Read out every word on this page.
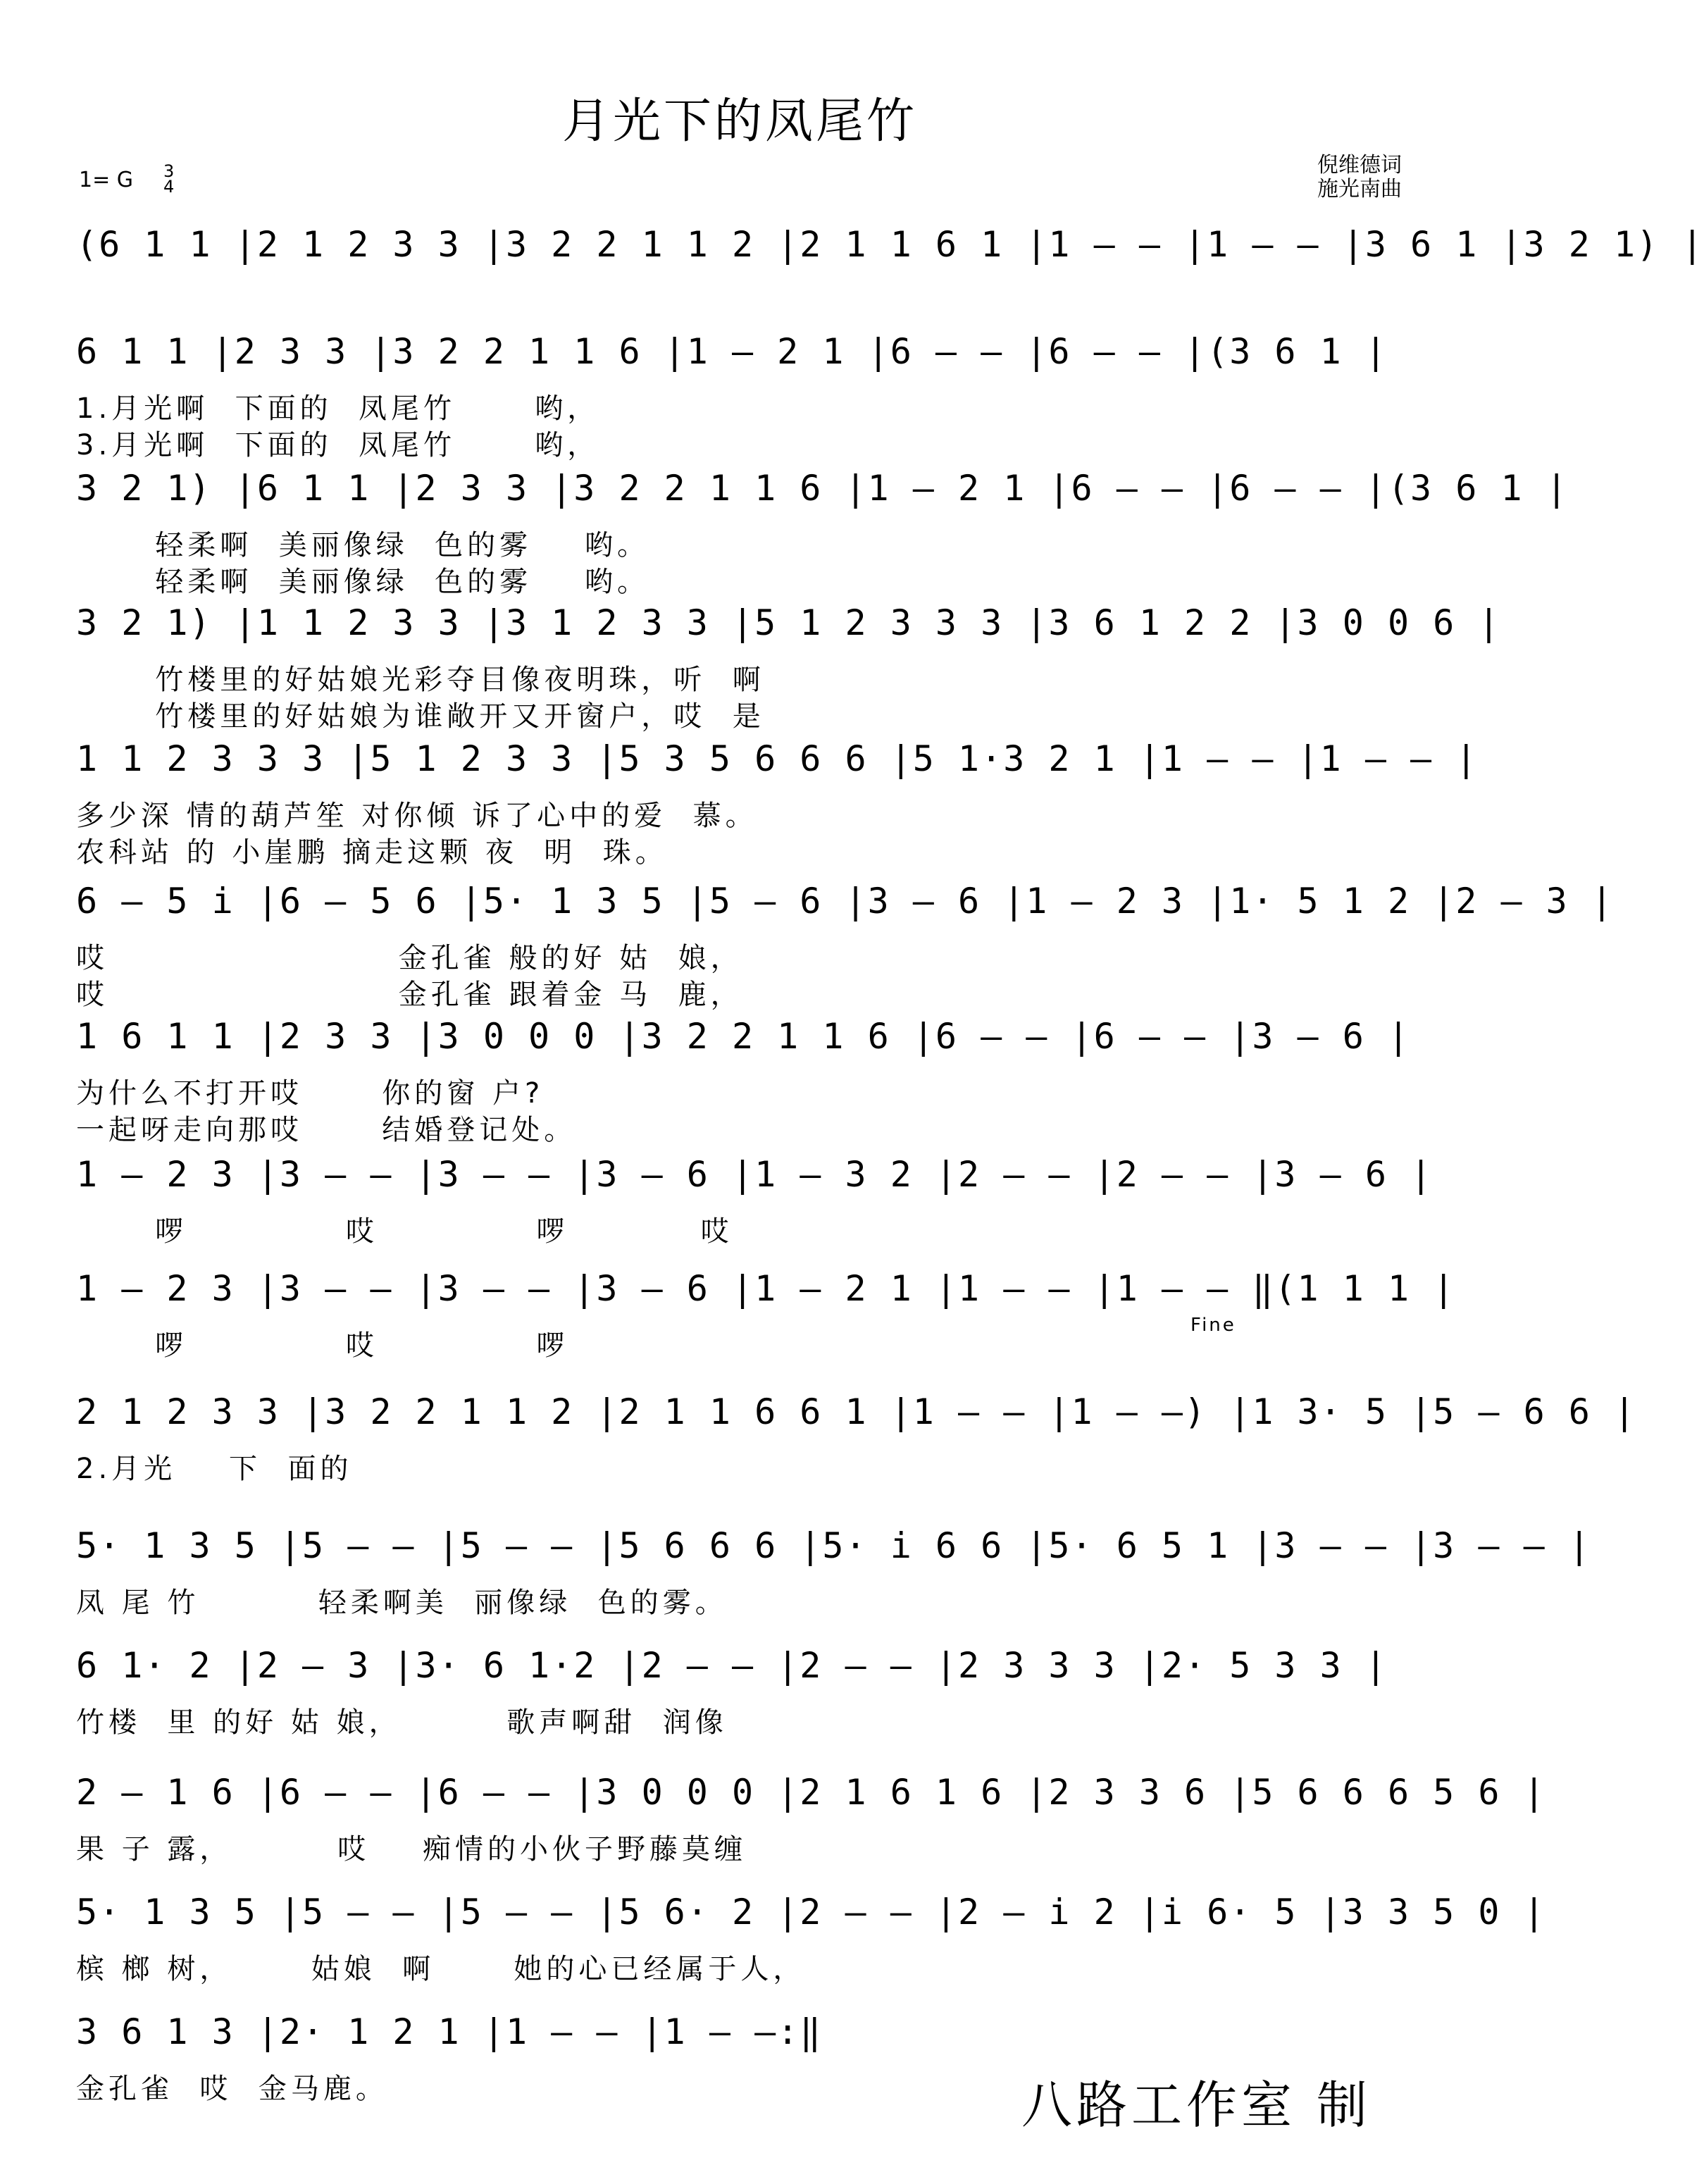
月光下的凤尾竹
1= G 3
4
倪维德词
施光南曲
(6 1 1 |2 1 2 3 3 |3 2 2 1 1 2 |2 1 1 6 1 |1 — — |1 — — |3 6 1 |3 2 1) |
6 1 1 |2 3 3 |3 2 2 1 1 6 |1 — 2 1 |6 — — |6 — — |(3 6 1 |
1.月光啊  下面的  凤尾竹      哟，
3.月光啊  下面的  凤尾竹      哟，
3 2 1) |6 1 1 |2 3 3 |3 2 2 1 1 6 |1 — 2 1 |6 — — |6 — — |(3 6 1 |
轻柔啊  美丽像绿  色的雾    哟。
轻柔啊  美丽像绿  色的雾    哟。
3 2 1) |1 1 2 3 3 |3 1 2 3 3 |5 1 2 3 3 3 |3 6 1 2 2 |3 0 0 6 |
竹楼里的好姑娘光彩夺目像夜明珠，听  啊
竹楼里的好姑娘为谁敞开又开窗户，哎  是
1 1 2 3 3 3 |5 1 2 3 3 |5 3 5 6 6 6 |5 1·3 2 1 |1 — — |1 — — |
多少深 情的葫芦笙 对你倾 诉了心中的爱  慕。
农科站 的 小崖鹏 摘走这颗 夜  明  珠。
6 — 5 i |6 — 5 6 |5· 1 3 5 |5 — 6 |3 — 6 |1 — 2 3 |1· 5 1 2 |2 — 3 |
哎                      金孔雀 般的好 姑  娘，
哎                      金孔雀 跟着金 马  鹿，
1 6 1 1 |2 3 3 |3 0 0 0 |3 2 2 1 1 6 |6 — — |6 — — |3 — 6 |
为什么不打开哎      你的窗 户?
一起呀走向那哎      结婚登记处。
1 — 2 3 |3 — — |3 — — |3 — 6 |1 — 3 2 |2 — — |2 — — |3 — 6 |
啰            哎            啰          哎
1 — 2 3 |3 — — |3 — — |3 — 6 |1 — 2 1 |1 — — |1 — — ‖(1 1 1 |
啰            哎            啰
2 1 2 3 3 |3 2 2 1 1 2 |2 1 1 6 6 1 |1 — — |1 — —) |1 3· 5 |5 — 6 6 |
2.月光    下  面的
5· 1 3 5 |5 — — |5 — — |5 6 6 6 |5· i 6 6 |5· 6 5 1 |3 — — |3 — — |
凤 尾 竹         轻柔啊美  丽像绿  色的雾。
6 1· 2 |2 — 3 |3· 6 1·2 |2 — — |2 — — |2 3 3 3 |2· 5 3 3 |
竹楼  里 的好 姑 娘，        歌声啊甜  润像
2 — 1 6 |6 — — |6 — — |3 0 0 0 |2 1 6 1 6 |2 3 3 6 |5 6 6 6 5 6 |
果 子 露，        哎    痴情的小伙子野藤莫缠
5· 1 3 5 |5 — — |5 — — |5 6· 2 |2 — — |2 — i 2 |i 6· 5 |3 3 5 0 |
槟 榔 树，      姑娘  啊      她的心已经属于人，
3 6 1 3 |2· 1 2 1 |1 — — |1 — —:‖
金孔雀  哎  金马鹿。
Fine
八路工作室 制
